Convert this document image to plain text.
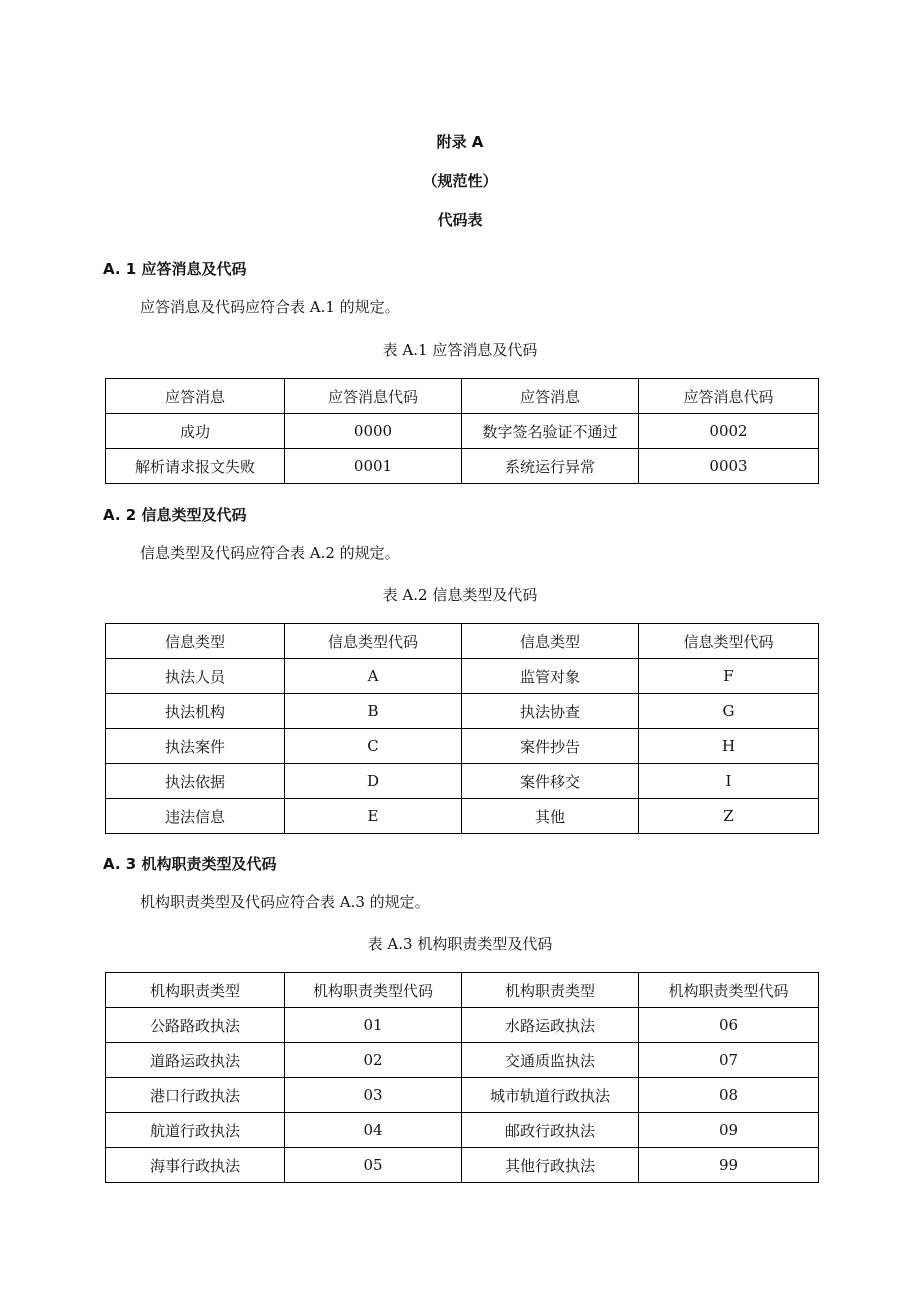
附录 A
（规范性）
代码表
A. 1 应答消息及代码
应答消息及代码应符合表 A.1 的规定。
表 A.1 应答消息及代码
应答消息	应答消息代码	应答消息	应答消息代码
成功	0000	数字签名验证不通过	0002
解析请求报文失败	0001	系统运行异常	0003
A. 2 信息类型及代码
信息类型及代码应符合表 A.2 的规定。
表 A.2 信息类型及代码
信息类型	信息类型代码	信息类型	信息类型代码
执法人员	A	监管对象	F
执法机构	B	执法协查	G
执法案件	C	案件抄告	H
执法依据	D	案件移交	I
违法信息	E	其他	Z
A. 3 机构职责类型及代码
机构职责类型及代码应符合表 A.3 的规定。
表 A.3 机构职责类型及代码
机构职责类型	机构职责类型代码	机构职责类型	机构职责类型代码
公路路政执法	01	水路运政执法	06
道路运政执法	02	交通质监执法	07
港口行政执法	03	城市轨道行政执法	08
航道行政执法	04	邮政行政执法	09
海事行政执法	05	其他行政执法	99
